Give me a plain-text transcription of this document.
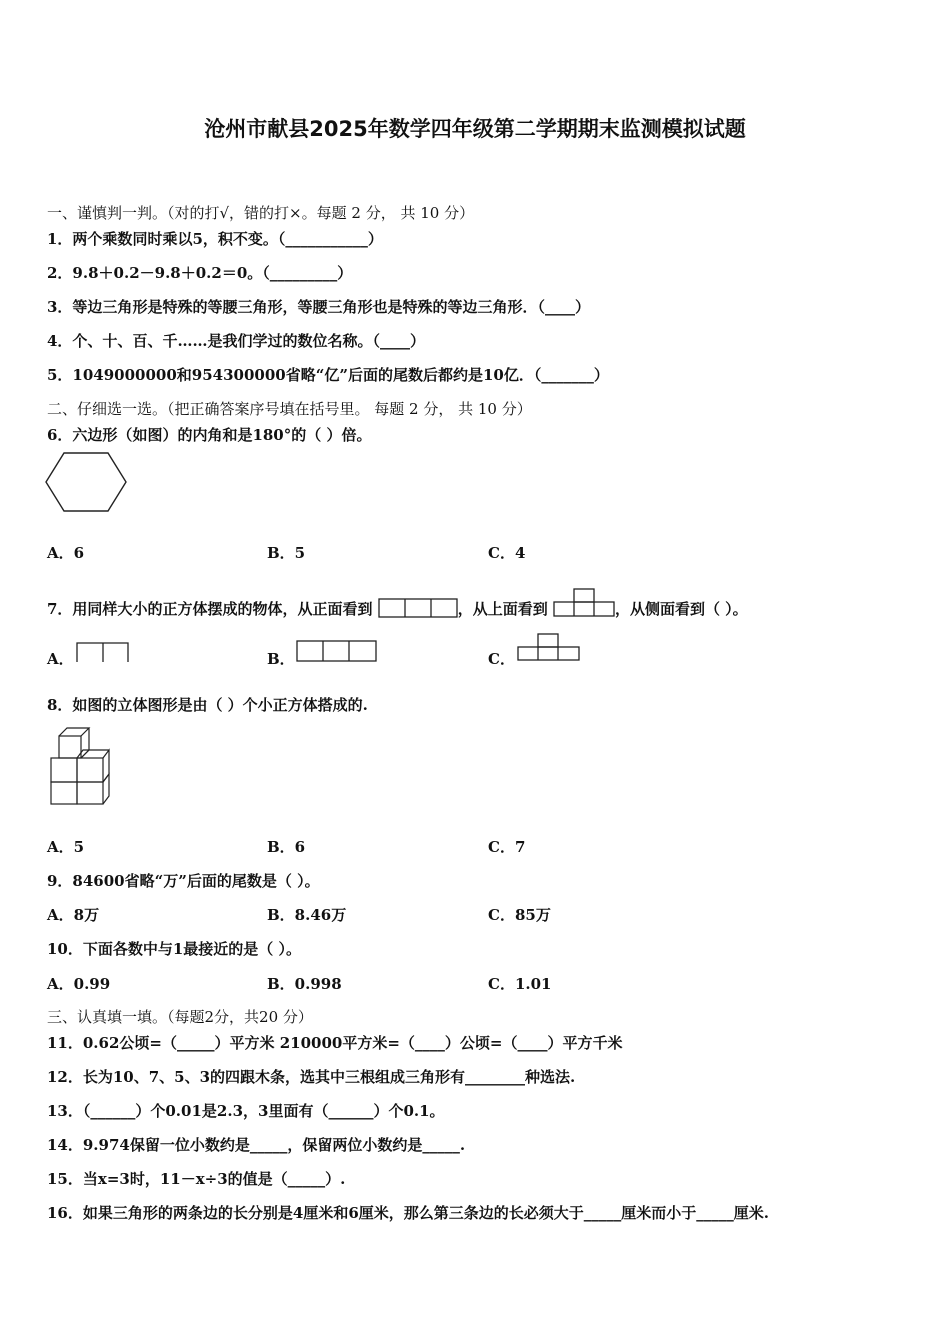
沧州市献县2025年数学四年级第二学期期末监测模拟试题
一、谨慎判一判。（对的打√，错的打×。每题 2 分， 共 10 分）
1．两个乘数同时乘以5，积不变。（___________）
2．9.8＋0.2－9.8＋0.2＝0。（_________）
3．等边三角形是特殊的等腰三角形，等腰三角形也是特殊的等边三角形．（____）
4．个、十、百、千……是我们学过的数位名称。（____）
5．1049000000和954300000省略“亿”后面的尾数后都约是10亿．（_______）
二、仔细选一选。（把正确答案序号填在括号里。 每题 2 分， 共 10 分）
6．六边形（如图）的内角和是180°的（ ）倍。
A．6	B．5	C．4
7．用同样大小的正方体摆成的物体，从正面看到	，从上面看到	，从侧面看到（ ）。
A．	B．	C．
8．如图的立体图形是由（ ）个小正方体搭成的.
A．5	B．6	C．7
9．84600省略“万”后面的尾数是（ ）。
A．8万	B．8.46万	C．85万
10．下面各数中与1最接近的是（ ）。
A．0.99	B．0.998	C．1.01
三、认真填一填。（每题2分，共20 分）
11．0.62公顷=（_____）平方米 210000平方米=（____）公顷=（____）平方千米
12．长为10、7、5、3的四跟木条，选其中三根组成三角形有________种选法.
13．（______）个0.01是2.3，3里面有（______）个0.1。
14．9.974保留一位小数约是_____，保留两位小数约是_____.
15．当x=3时，11－x÷3的值是（_____）.
16．如果三角形的两条边的长分别是4厘米和6厘米，那么第三条边的长必须大于_____厘米而小于_____厘米.
